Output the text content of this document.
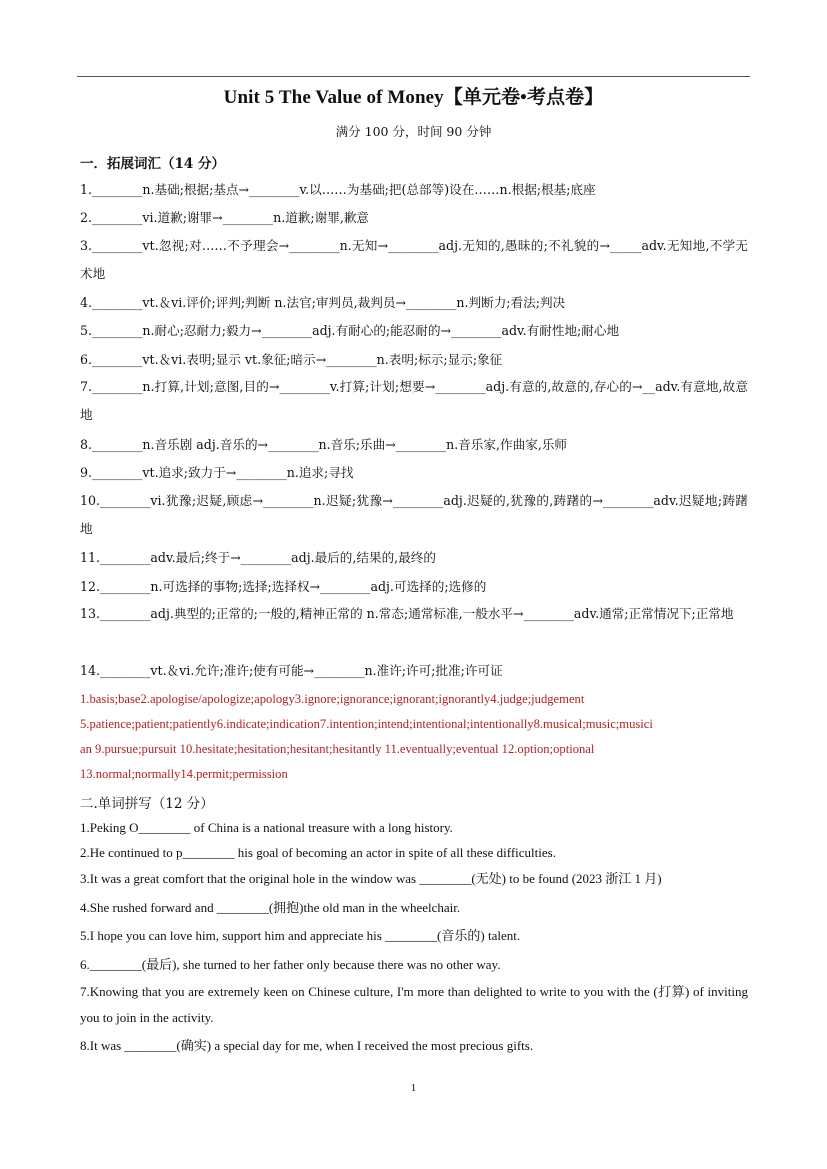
Unit 5 The Value of Money【单元卷•考点卷】
满分 100 分，时间 90 分钟
一．拓展词汇（14 分）
1.________n.基础;根据;基点→________v.以……为基础;把(总部等)设在……n.根据;根基;底座
2.________vi.道歉;谢罪→________n.道歉;谢罪,歉意
3.________vt.忽视;对……不予理会→________n.无知→________adj.无知的,愚昧的;不礼貌的→_____adv.无知地,不学无术地
4.________vt.＆vi.评价;评判;判断 n.法官;审判员,裁判员→________n.判断力;看法;判决
5.________n.耐心;忍耐力;毅力→________adj.有耐心的;能忍耐的→________adv.有耐性地;耐心地
6.________vt.＆vi.表明;显示 vt.象征;暗示→________n.表明;标示;显示;象征
7.________n.打算,计划;意图,目的→________v.打算;计划;想要→________adj.有意的,故意的,存心的→__adv.有意地,故意地
8.________n.音乐剧 adj.音乐的→________n.音乐;乐曲→________n.音乐家,作曲家,乐师
9.________vt.追求;致力于→________n.追求;寻找
10.________vi.犹豫;迟疑,顾虑→________n.迟疑;犹豫→________adj.迟疑的,犹豫的,踌躇的→________adv.迟疑地;踌躇地
11.________adv.最后;终于→________adj.最后的,结果的,最终的
12.________n.可选择的事物;选择;选择权→________adj.可选择的;选修的
13.________adj.典型的;正常的;一般的,精神正常的 n.常态;通常标准,一般水平→________adv.通常;正常情况下;正常地
14.________vt.＆vi.允许;准许;使有可能→________n.准许;许可;批准;许可证
1.basis;base2.apologise/apologize;apology3.ignore;ignorance;ignorant;ignorantly4.judge;judgement
5.patience;patient;patiently6.indicate;indication7.intention;intend;intentional;intentionally8.musical;music;musici
an 9.pursue;pursuit 10.hesitate;hesitation;hesitant;hesitantly 11.eventually;eventual 12.option;optional
13.normal;normally14.permit;permission
二.单词拼写（12 分）
1.Peking O________ of China is a national treasure with a long history.
2.He continued to p________ his goal of becoming an actor in spite of all these difficulties.
3.It was a great comfort that the original hole in the window was ________(无处) to be found (2023 浙江 1 月)
4.She rushed forward and ________(拥抱)the old man in the wheelchair.
5.I hope you can love him, support him and appreciate his ________(音乐的) talent.
6.________(最后), she turned to her father only because there was no other way.
7.Knowing that you are extremely keen on Chinese culture, I'm more than delighted to write to you with the (打算) of inviting you to join in the activity.
8.It was ________(确实) a special day for me, when I received the most precious gifts.
1
